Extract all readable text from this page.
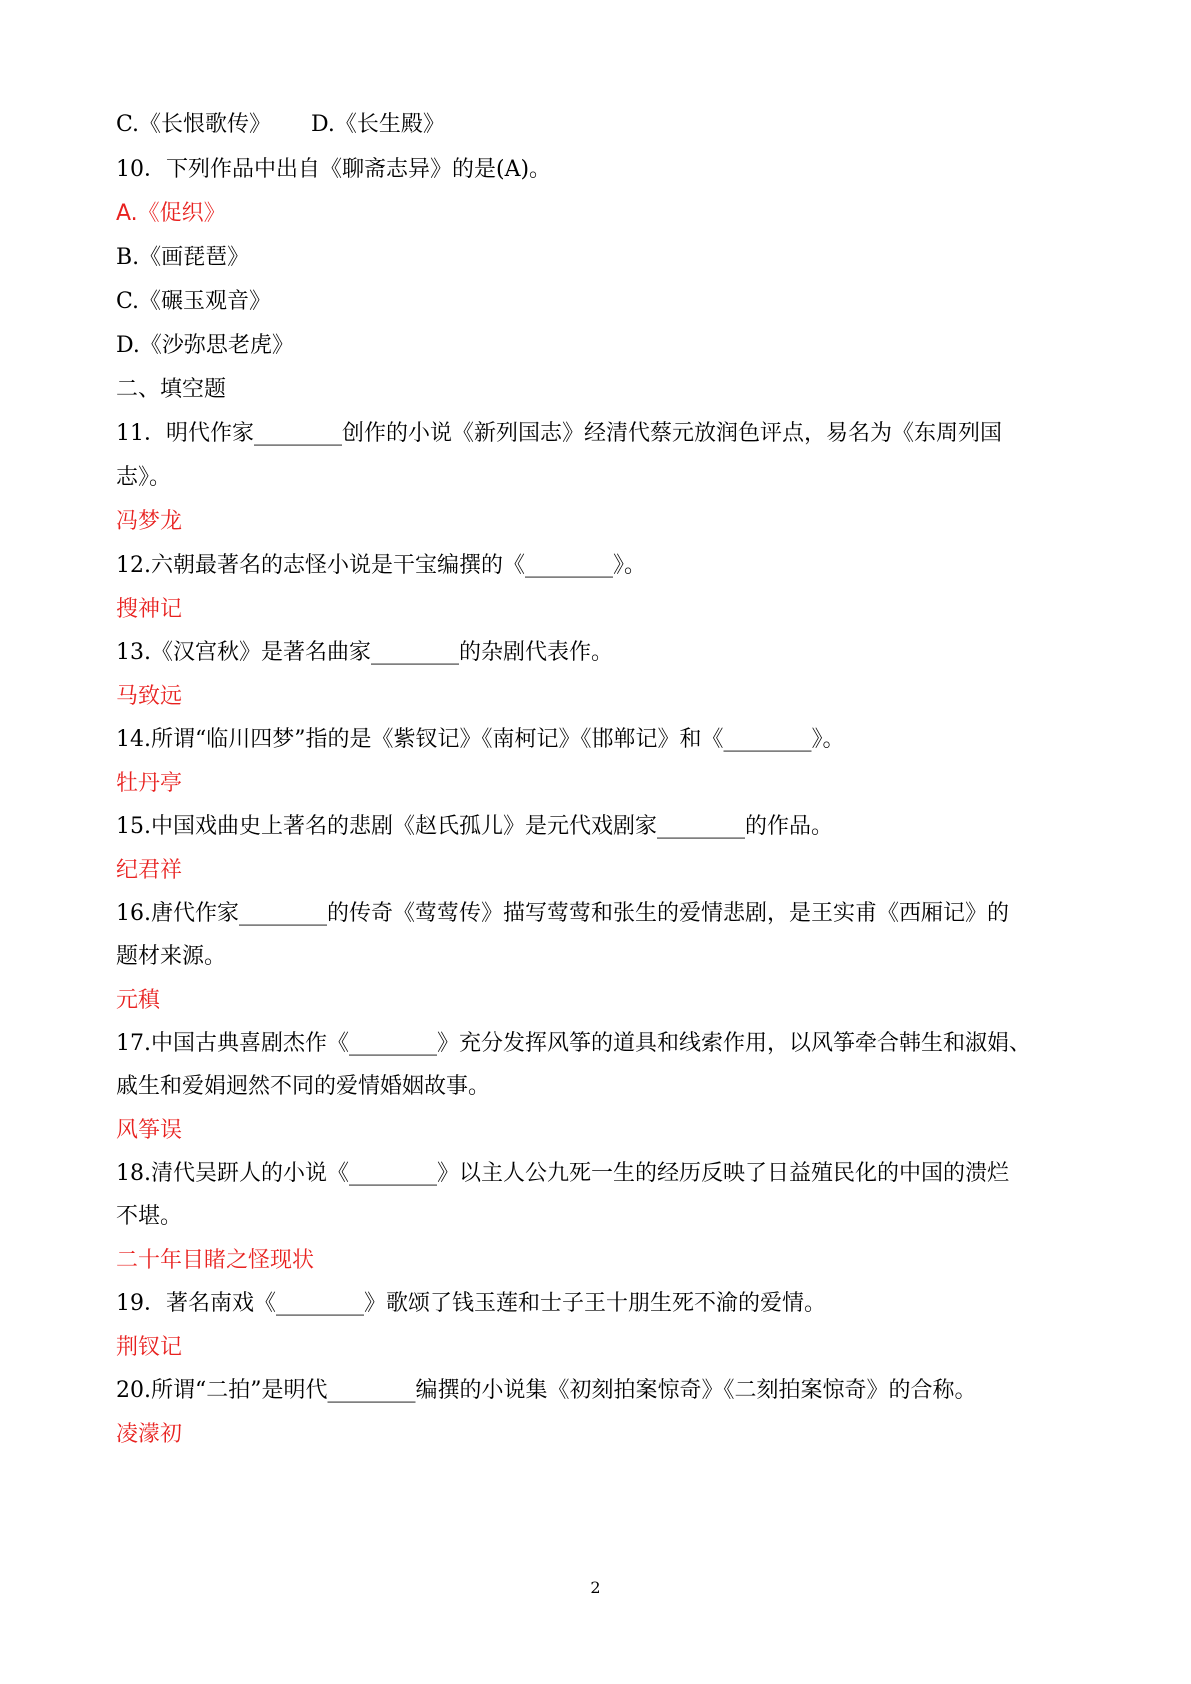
C.《长恨歌传》 D.《长生殿》
10．下列作品中出自《聊斋志异》的是(A)。
A.《促织》
B.《画琵琶》
C.《碾玉观音》
D.《沙弥思老虎》
二、填空题
11．明代作家________创作的小说《新列国志》经清代蔡元放润色评点，易名为《东周列国
志》。
冯梦龙
12.六朝最著名的志怪小说是干宝编撰的《________》。
搜神记
13.《汉宫秋》是著名曲家________的杂剧代表作。
马致远
14.所谓“临川四梦”指的是《紫钗记》《南柯记》《邯郸记》和《________》。
牡丹亭
15.中国戏曲史上著名的悲剧《赵氏孤儿》是元代戏剧家________的作品。
纪君祥
16.唐代作家________的传奇《莺莺传》描写莺莺和张生的爱情悲剧，是王实甫《西厢记》的
题材来源。
元稹
17.中国古典喜剧杰作《________》充分发挥风筝的道具和线索作用，以风筝牵合韩生和淑娟、
戚生和爱娟迥然不同的爱情婚姻故事。
风筝误
18.清代吴趼人的小说《________》以主人公九死一生的经历反映了日益殖民化的中国的溃烂
不堪。
二十年目睹之怪现状
19．著名南戏《________》歌颂了钱玉莲和士子王十朋生死不渝的爱情。
荆钗记
20.所谓“二拍”是明代________编撰的小说集《初刻拍案惊奇》《二刻拍案惊奇》的合称。
凌濛初
2
